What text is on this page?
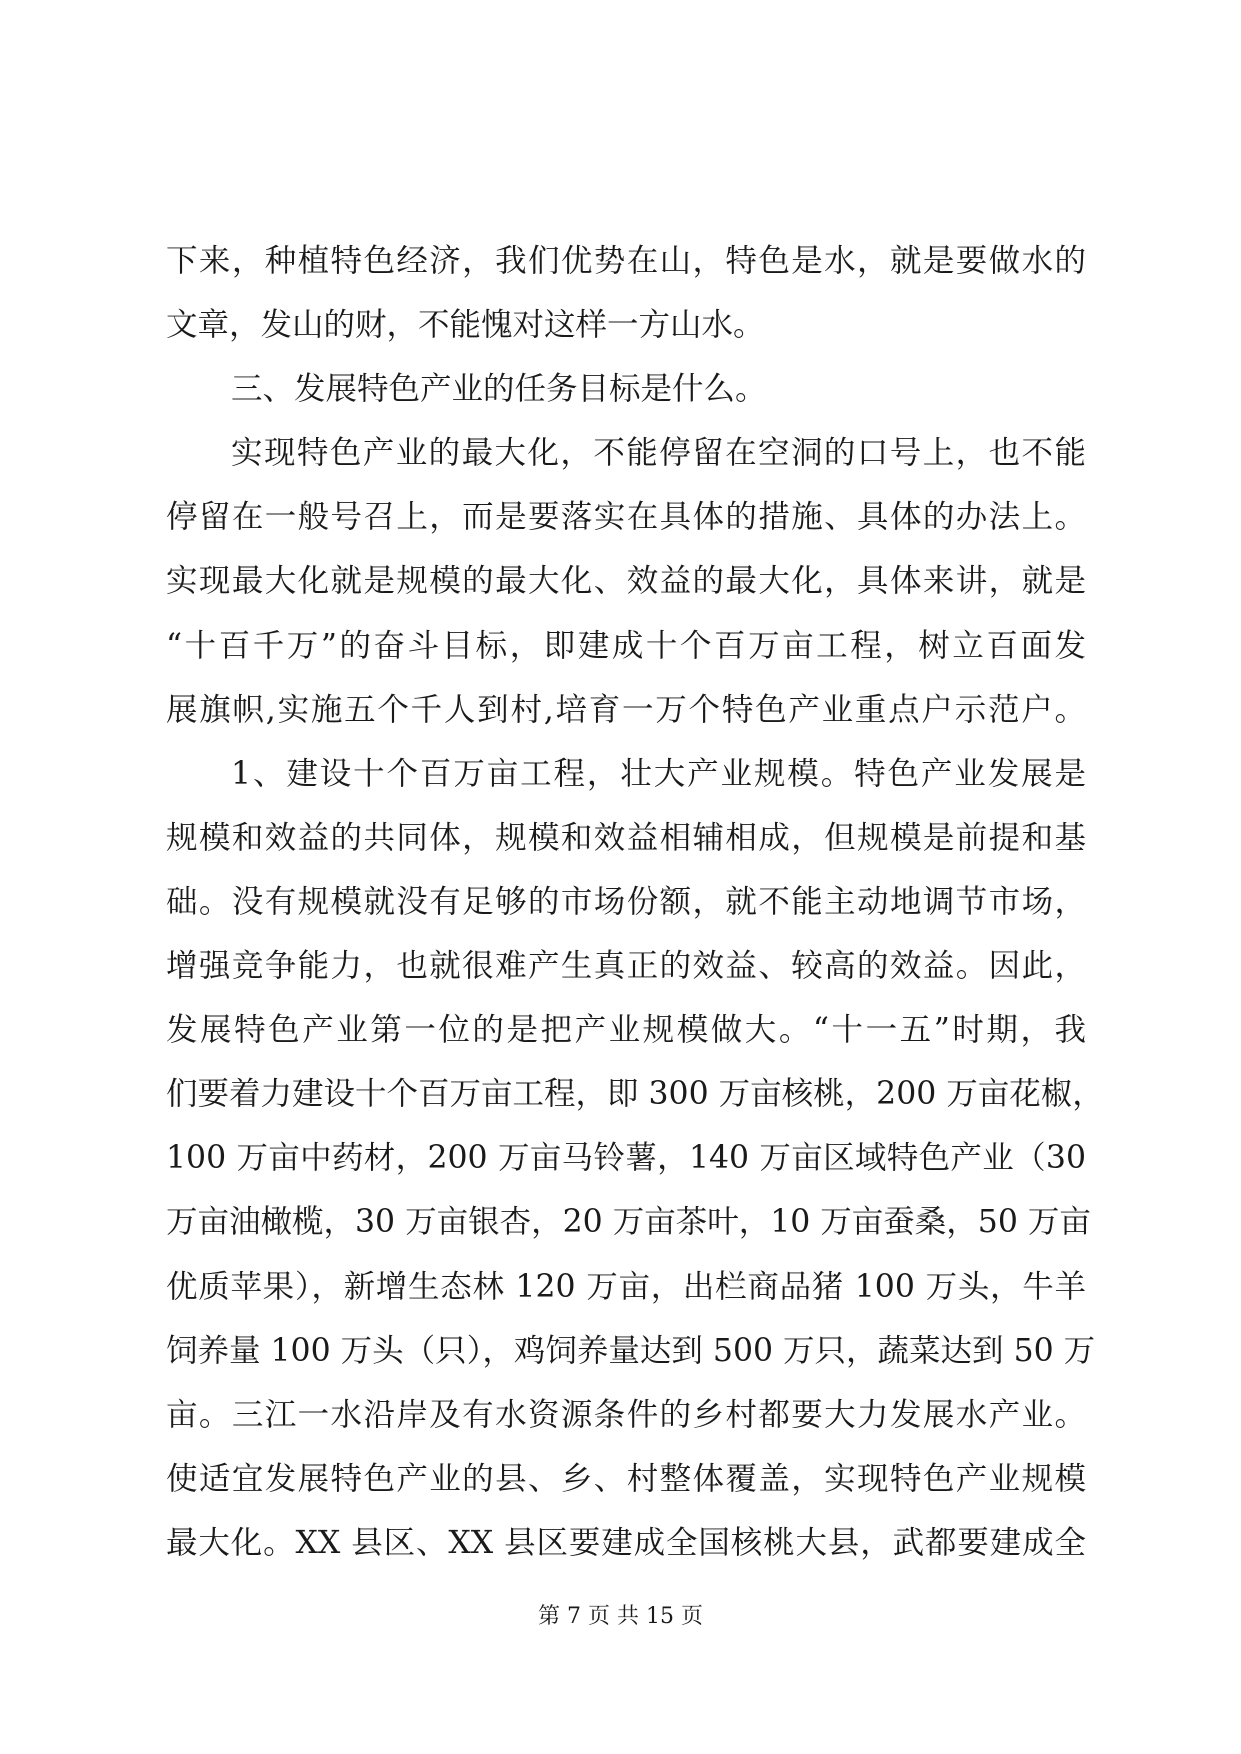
下来，种植特色经济，我们优势在山，特色是水，就是要做水的
文章，发山的财，不能愧对这样一方山水。
三、发展特色产业的任务目标是什么。
实现特色产业的最大化，不能停留在空洞的口号上，也不能
停留在一般号召上，而是要落实在具体的措施、具体的办法上。
实现最大化就是规模的最大化、效益的最大化，具体来讲，就是
“十百千万”的奋斗目标，即建成十个百万亩工程，树立百面发
展旗帜,实施五个千人到村,培育一万个特色产业重点户示范户。
1、建设十个百万亩工程，壮大产业规模。特色产业发展是
规模和效益的共同体，规模和效益相辅相成，但规模是前提和基
础。没有规模就没有足够的市场份额，就不能主动地调节市场，
增强竞争能力，也就很难产生真正的效益、较高的效益。因此，
发展特色产业第一位的是把产业规模做大。“十一五”时期，我
们要着力建设十个百万亩工程，即 300 万亩核桃，200 万亩花椒，
100 万亩中药材，200 万亩马铃薯，140 万亩区域特色产业（30
万亩油橄榄，30 万亩银杏，20 万亩茶叶，10 万亩蚕桑，50 万亩
优质苹果），新增生态林 120 万亩，出栏商品猪 100 万头，牛羊
饲养量 100 万头（只），鸡饲养量达到 500 万只，蔬菜达到 50 万
亩。三江一水沿岸及有水资源条件的乡村都要大力发展水产业。
使适宜发展特色产业的县、乡、村整体覆盖，实现特色产业规模
最大化。XX 县区、XX 县区要建成全国核桃大县，武都要建成全
第 7 页 共 15 页
